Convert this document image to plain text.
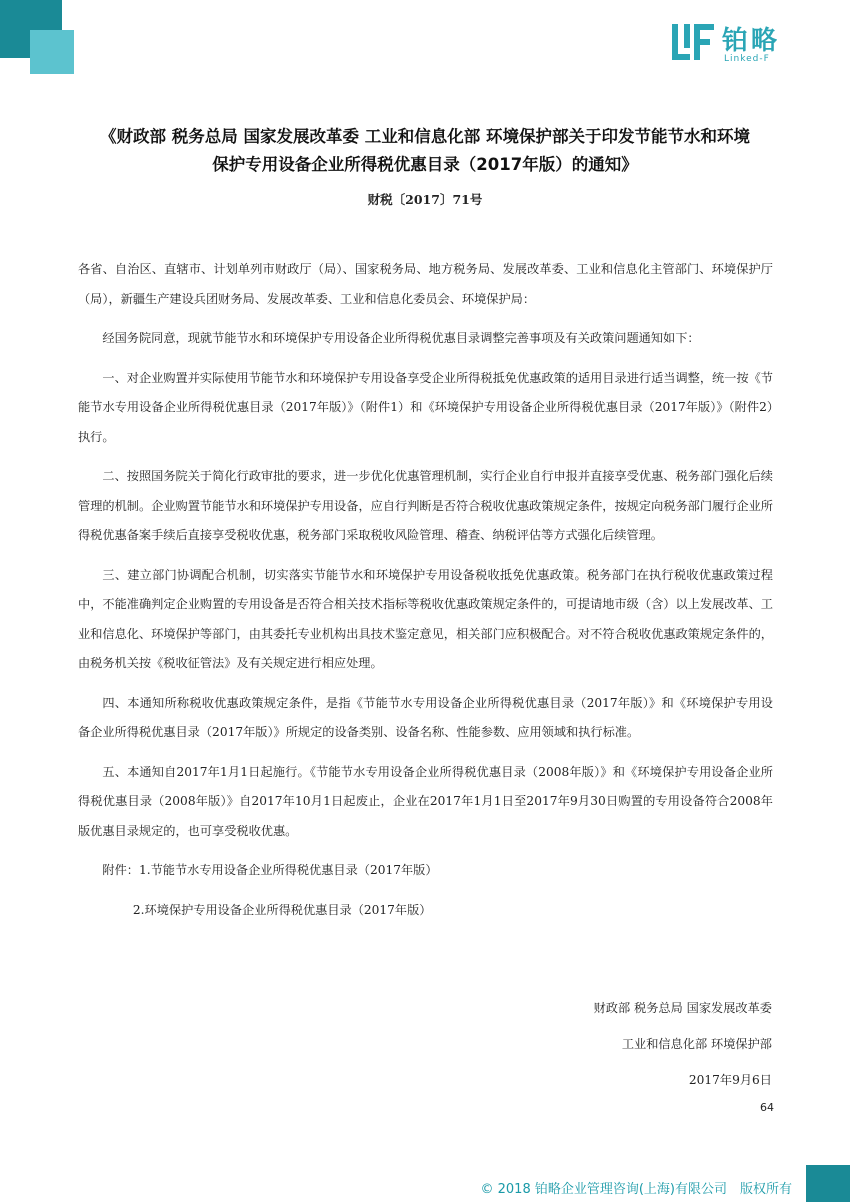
铂略
Linked-F
《财政部 税务总局 国家发展改革委 工业和信息化部 环境保护部关于印发节能节水和环境
保护专用设备企业所得税优惠目录（2017年版）的通知》
财税〔2017〕71号

各省、自治区、直辖市、计划单列市财政厅（局）、国家税务局、地方税务局、发展改革委、工业和信息化主管部门、环境保护厅（局），新疆生产建设兵团财务局、发展改革委、工业和信息化委员会、环境保护局：

经国务院同意，现就节能节水和环境保护专用设备企业所得税优惠目录调整完善事项及有关政策问题通知如下：

一、对企业购置并实际使用节能节水和环境保护专用设备享受企业所得税抵免优惠政策的适用目录进行适当调整，统一按《节能节水专用设备企业所得税优惠目录（2017年版）》（附件1）和《环境保护专用设备企业所得税优惠目录（2017年版）》（附件2）执行。

二、按照国务院关于简化行政审批的要求，进一步优化优惠管理机制，实行企业自行申报并直接享受优惠、税务部门强化后续管理的机制。企业购置节能节水和环境保护专用设备，应自行判断是否符合税收优惠政策规定条件，按规定向税务部门履行企业所得税优惠备案手续后直接享受税收优惠，税务部门采取税收风险管理、稽查、纳税评估等方式强化后续管理。

三、建立部门协调配合机制，切实落实节能节水和环境保护专用设备税收抵免优惠政策。税务部门在执行税收优惠政策过程中，不能准确判定企业购置的专用设备是否符合相关技术指标等税收优惠政策规定条件的，可提请地市级（含）以上发展改革、工业和信息化、环境保护等部门，由其委托专业机构出具技术鉴定意见，相关部门应积极配合。对不符合税收优惠政策规定条件的，由税务机关按《税收征管法》及有关规定进行相应处理。

四、本通知所称税收优惠政策规定条件，是指《节能节水专用设备企业所得税优惠目录（2017年版）》和《环境保护专用设备企业所得税优惠目录（2017年版）》所规定的设备类别、设备名称、性能参数、应用领域和执行标准。

五、本通知自2017年1月1日起施行。《节能节水专用设备企业所得税优惠目录（2008年版）》和《环境保护专用设备企业所得税优惠目录（2008年版）》自2017年10月1日起废止，企业在2017年1月1日至2017年9月30日购置的专用设备符合2008年版优惠目录规定的，也可享受税收优惠。

附件：1.节能节水专用设备企业所得税优惠目录（2017年版）

2.环境保护专用设备企业所得税优惠目录（2017年版）

财政部 税务总局 国家发展改革委
工业和信息化部 环境保护部
2017年9月6日
64
© 2018 铂略企业管理咨询(上海)有限公司　版权所有
